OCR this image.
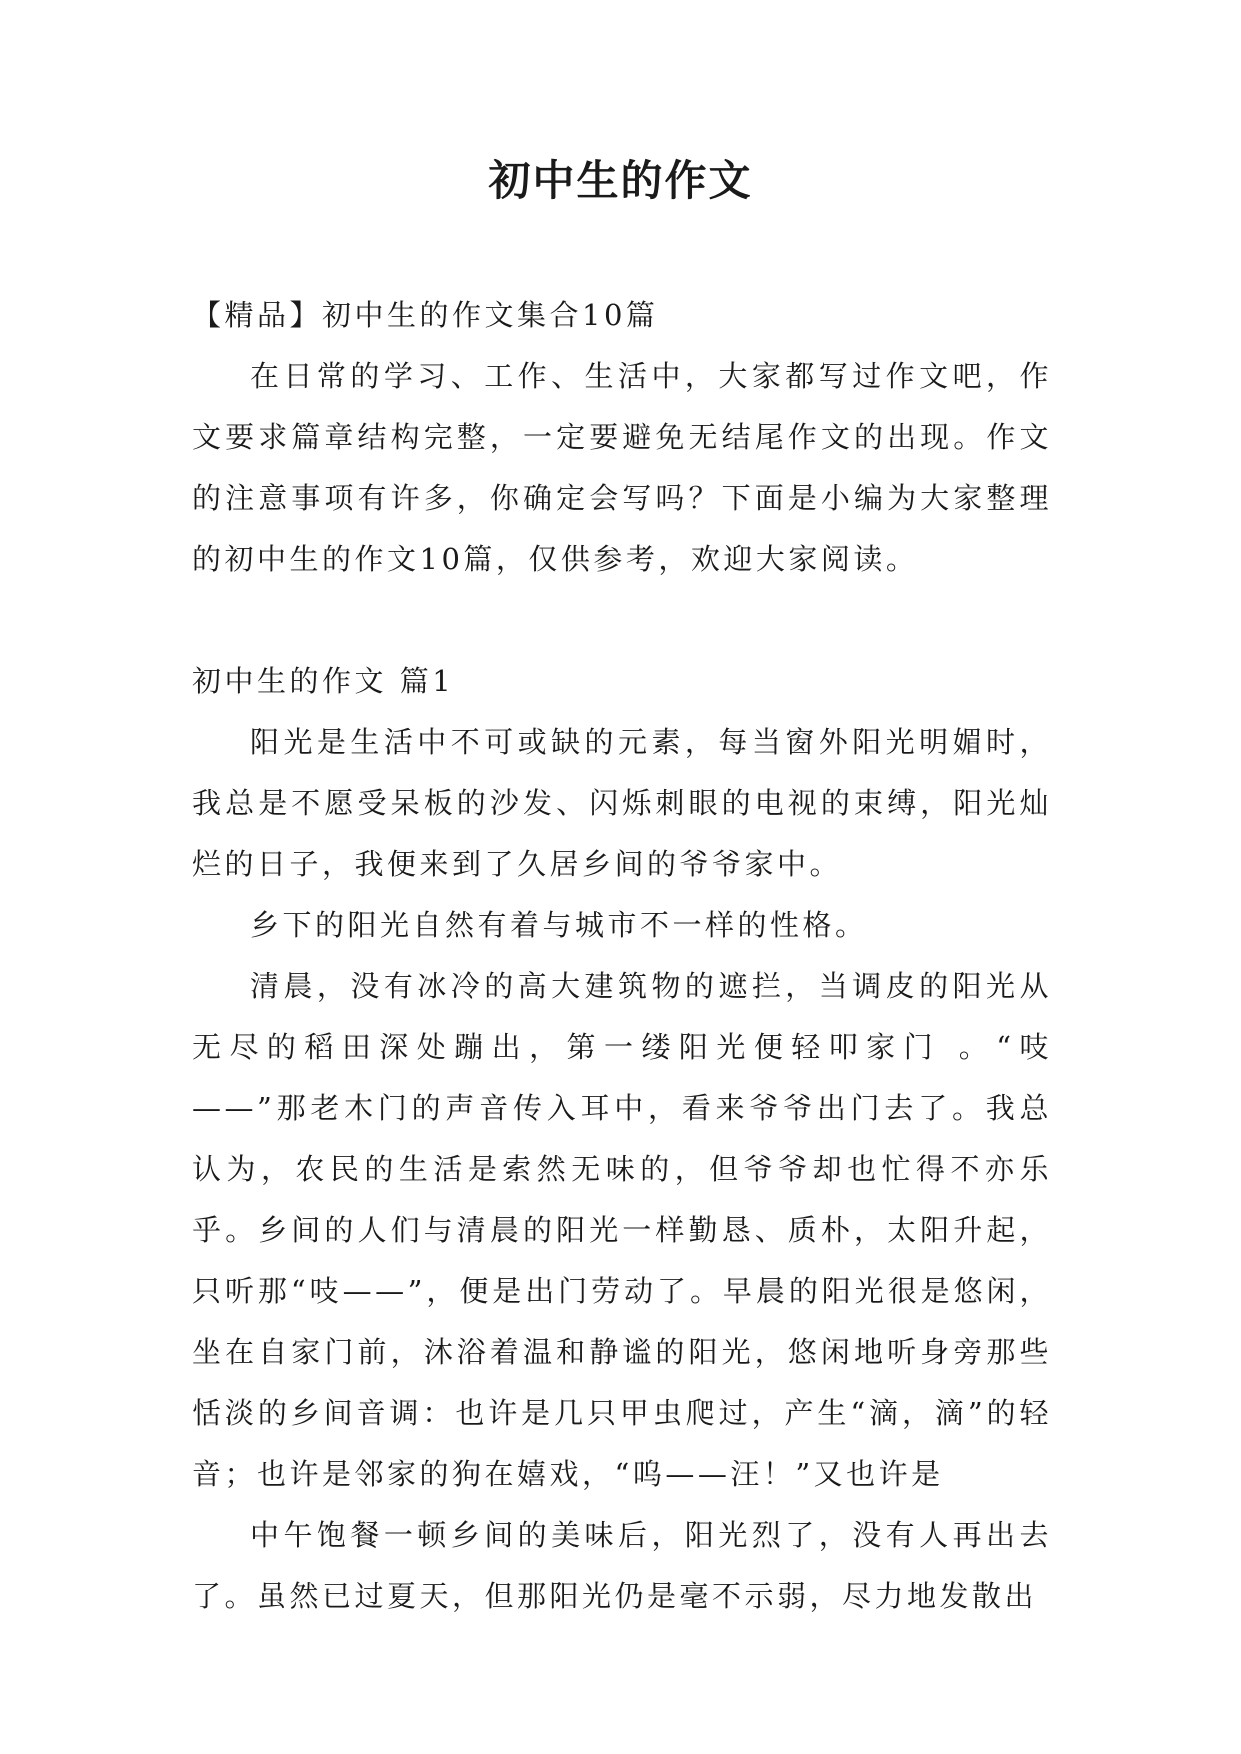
初中生的作文

【精品】初中生的作文集合10篇

在日常的学习、工作、生活中，大家都写过作文吧，作文要求篇章结构完整，一定要避免无结尾作文的出现。作文的注意事项有许多，你确定会写吗？下面是小编为大家整理的初中生的作文10篇，仅供参考，欢迎大家阅读。

初中生的作文 篇1

阳光是生活中不可或缺的元素，每当窗外阳光明媚时，我总是不愿受呆板的沙发、闪烁刺眼的电视的束缚，阳光灿烂的日子，我便来到了久居乡间的爷爷家中。

乡下的阳光自然有着与城市不一样的性格。

清晨，没有冰冷的高大建筑物的遮拦，当调皮的阳光从无尽的稻田深处蹦出，第一缕阳光便轻叩家门 。“吱——”那老木门的声音传入耳中，看来爷爷出门去了。我总认为，农民的生活是索然无味的，但爷爷却也忙得不亦乐乎。乡间的人们与清晨的阳光一样勤恳、质朴，太阳升起，只听那“吱——”，便是出门劳动了。早晨的阳光很是悠闲，坐在自家门前，沐浴着温和静谧的阳光，悠闲地听身旁那些恬淡的乡间音调：也许是几只甲虫爬过，产生“滴，滴”的轻音；也许是邻家的狗在嬉戏，“呜——汪！”又也许是

中午饱餐一顿乡间的美味后，阳光烈了，没有人再出去了。虽然已过夏天，但那阳光仍是毫不示弱，尽力地发散出
